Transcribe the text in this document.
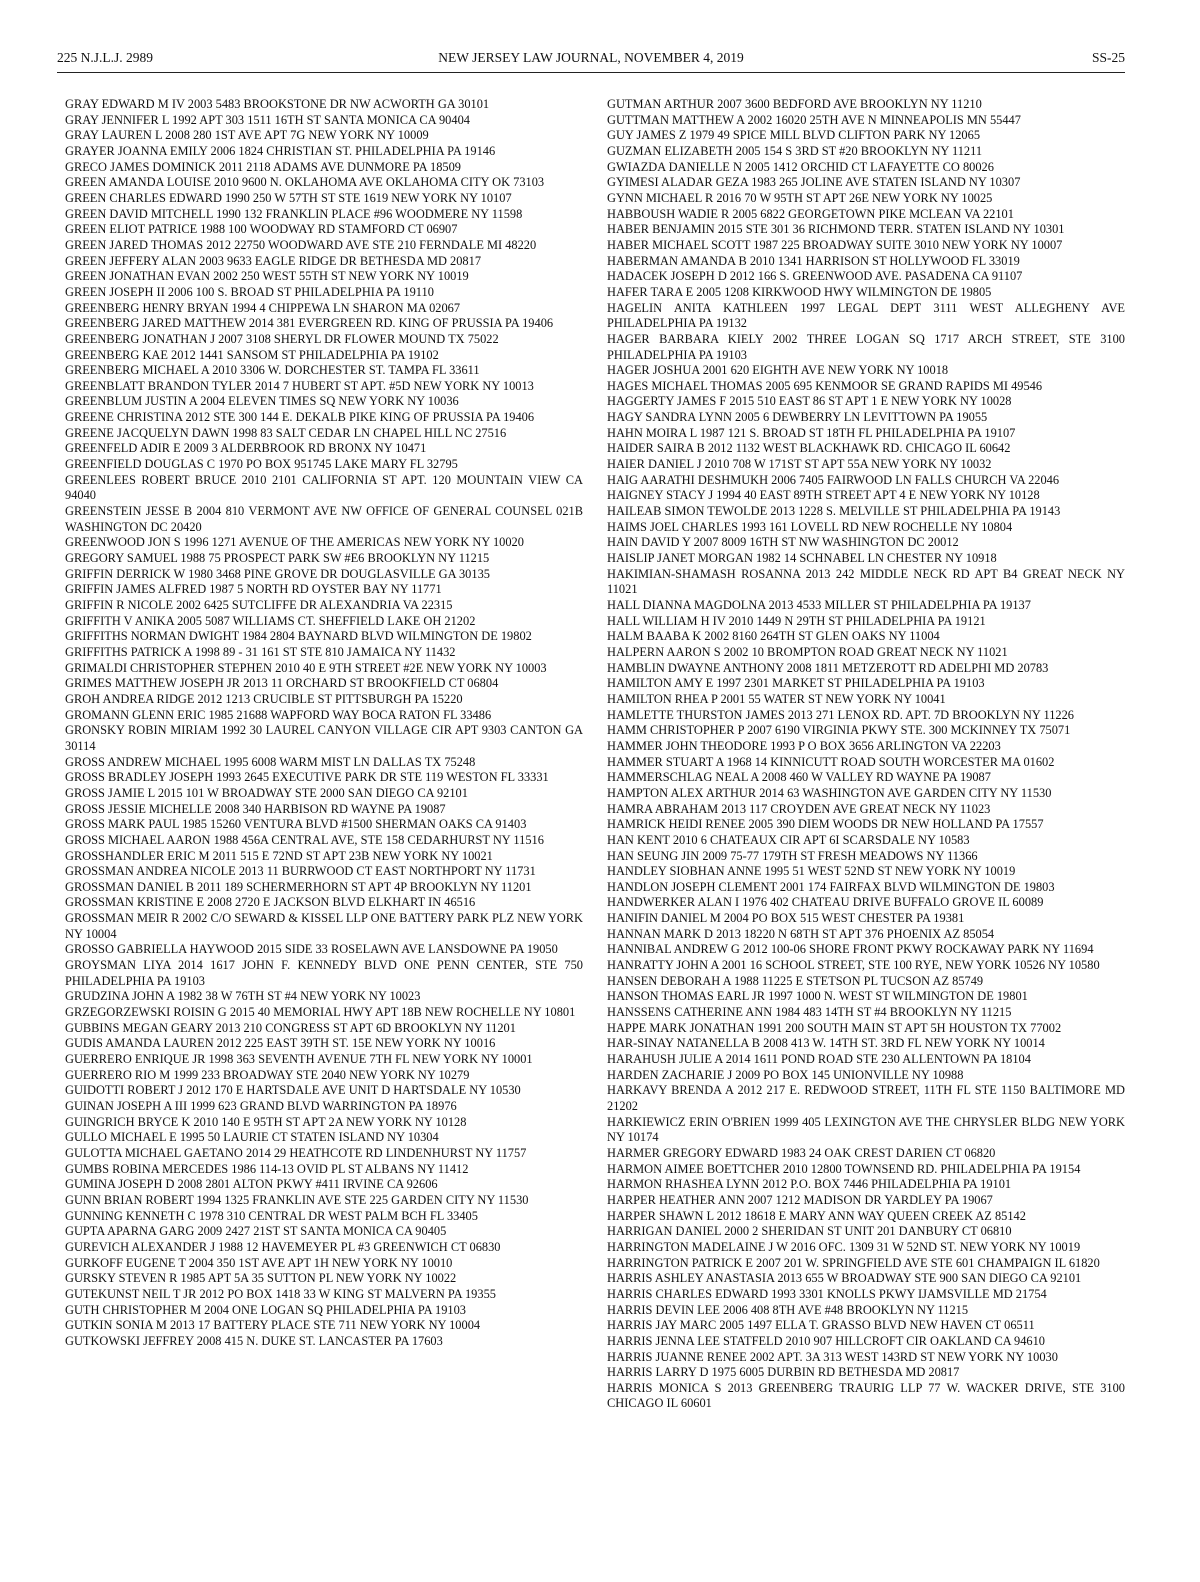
225 N.J.L.J. 2989	NEW JERSEY LAW JOURNAL, NOVEMBER 4, 2019	SS-25

GRAY EDWARD M IV 2003 5483 BROOKSTONE DR NW ACWORTH GA 30101

GRAY JENNIFER L 1992 APT 303 1511 16TH ST SANTA MONICA CA 90404

GRAY LAUREN L 2008 280 1ST AVE APT 7G NEW YORK NY 10009

GRAYER JOANNA EMILY 2006 1824 CHRISTIAN ST. PHILADELPHIA PA 19146

GRECO JAMES DOMINICK 2011 2118 ADAMS AVE DUNMORE PA 18509

GREEN AMANDA LOUISE 2010 9600 N. OKLAHOMA AVE OKLAHOMA CITY OK 73103

GREEN CHARLES EDWARD 1990 250 W 57TH ST STE 1619 NEW YORK NY 10107

GREEN DAVID MITCHELL 1990 132 FRANKLIN PLACE #96 WOODMERE NY 11598

GREEN ELIOT PATRICE 1988 100 WOODWAY RD STAMFORD CT 06907

GREEN JARED THOMAS 2012 22750 WOODWARD AVE STE 210 FERNDALE MI 48220

GREEN JEFFERY ALAN 2003 9633 EAGLE RIDGE DR BETHESDA MD 20817

GREEN JONATHAN EVAN 2002 250 WEST 55TH ST NEW YORK NY 10019

GREEN JOSEPH II 2006 100 S. BROAD ST PHILADELPHIA PA 19110

GREENBERG HENRY BRYAN 1994 4 CHIPPEWA LN SHARON MA 02067

GREENBERG JARED MATTHEW 2014 381 EVERGREEN RD. KING OF PRUSSIA PA 19406

GREENBERG JONATHAN J 2007 3108 SHERYL DR FLOWER MOUND TX 75022

GREENBERG KAE 2012 1441 SANSOM ST PHILADELPHIA PA 19102

GREENBERG MICHAEL A 2010 3306 W. DORCHESTER ST. TAMPA FL 33611

GREENBLATT BRANDON TYLER 2014 7 HUBERT ST APT. #5D NEW YORK NY 10013

GREENBLUM JUSTIN A 2004 ELEVEN TIMES SQ NEW YORK NY 10036

GREENE CHRISTINA 2012 STE 300 144 E. DEKALB PIKE KING OF PRUSSIA PA 19406

GREENE JACQUELYN DAWN 1998 83 SALT CEDAR LN CHAPEL HILL NC 27516

GREENFELD ADIR E 2009 3 ALDERBROOK RD BRONX NY 10471

GREENFIELD DOUGLAS C 1970 PO BOX 951745 LAKE MARY FL 32795

GREENLEES ROBERT BRUCE 2010 2101 CALIFORNIA ST APT. 120 MOUNTAIN VIEW CA 94040

GREENSTEIN JESSE B 2004 810 VERMONT AVE NW OFFICE OF GENERAL COUNSEL 021B WASHINGTON DC 20420

GREENWOOD JON S 1996 1271 AVENUE OF THE AMERICAS NEW YORK NY 10020

GREGORY SAMUEL 1988 75 PROSPECT PARK SW #E6 BROOKLYN NY 11215

GRIFFIN DERRICK W 1980 3468 PINE GROVE DR DOUGLASVILLE GA 30135

GRIFFIN JAMES ALFRED 1987 5 NORTH RD OYSTER BAY NY 11771

GRIFFIN R NICOLE 2002 6425 SUTCLIFFE DR ALEXANDRIA VA 22315

GRIFFITH V ANIKA 2005 5087 WILLIAMS CT. SHEFFIELD LAKE OH 21202

GRIFFITHS NORMAN DWIGHT 1984 2804 BAYNARD BLVD WILMINGTON DE 19802

GRIFFITHS PATRICK A 1998 89 - 31 161 ST STE 810 JAMAICA NY 11432

GRIMALDI CHRISTOPHER STEPHEN 2010 40 E 9TH STREET #2E NEW YORK NY 10003

GRIMES MATTHEW JOSEPH JR 2013 11 ORCHARD ST BROOKFIELD CT 06804

GROH ANDREA RIDGE 2012 1213 CRUCIBLE ST PITTSBURGH PA 15220

GROMANN GLENN ERIC 1985 21688 WAPFORD WAY BOCA RATON FL 33486

GRONSKY ROBIN MIRIAM 1992 30 LAUREL CANYON VILLAGE CIR APT 9303 CANTON GA 30114

GROSS ANDREW MICHAEL 1995 6008 WARM MIST LN DALLAS TX 75248

GROSS BRADLEY JOSEPH 1993 2645 EXECUTIVE PARK DR STE 119 WESTON FL 33331

GROSS JAMIE L 2015 101 W BROADWAY STE 2000 SAN DIEGO CA 92101

GROSS JESSIE MICHELLE 2008 340 HARBISON RD WAYNE PA 19087

GROSS MARK PAUL 1985 15260 VENTURA BLVD #1500 SHERMAN OAKS CA 91403

GROSS MICHAEL AARON 1988 456A CENTRAL AVE, STE 158 CEDARHURST NY 11516

GROSSHANDLER ERIC M 2011 515 E 72ND ST APT 23B NEW YORK NY 10021

GROSSMAN ANDREA NICOLE 2013 11 BURRWOOD CT EAST NORTHPORT NY 11731

GROSSMAN DANIEL B 2011 189 SCHERMERHORN ST APT 4P BROOKLYN NY 11201

GROSSMAN KRISTINE E 2008 2720 E JACKSON BLVD ELKHART IN 46516

GROSSMAN MEIR R 2002 C/O SEWARD & KISSEL LLP ONE BATTERY PARK PLZ NEW YORK NY 10004

GROSSO GABRIELLA HAYWOOD 2015 SIDE 33 ROSELAWN AVE LANSDOWNE PA 19050

GROYSMAN LIYA 2014 1617 JOHN F. KENNEDY BLVD ONE PENN CENTER, STE 750 PHILADELPHIA PA 19103

GRUDZINA JOHN A 1982 38 W 76TH ST #4 NEW YORK NY 10023

GRZEGORZEWSKI ROISIN G 2015 40 MEMORIAL HWY APT 18B NEW ROCHELLE NY 10801

GUBBINS MEGAN GEARY 2013 210 CONGRESS ST APT 6D BROOKLYN NY 11201

GUDIS AMANDA LAUREN 2012 225 EAST 39TH ST. 15E NEW YORK NY 10016

GUERRERO ENRIQUE JR 1998 363 SEVENTH AVENUE 7TH FL NEW YORK NY 10001

GUERRERO RIO M 1999 233 BROADWAY STE 2040 NEW YORK NY 10279

GUIDOTTI ROBERT J 2012 170 E HARTSDALE AVE UNIT D HARTSDALE NY 10530

GUINAN JOSEPH A III 1999 623 GRAND BLVD WARRINGTON PA 18976

GUINGRICH BRYCE K 2010 140 E 95TH ST APT 2A NEW YORK NY 10128

GULLO MICHAEL E 1995 50 LAURIE CT STATEN ISLAND NY 10304

GULOTTA MICHAEL GAETANO 2014 29 HEATHCOTE RD LINDENHURST NY 11757

GUMBS ROBINA MERCEDES 1986 114-13 OVID PL ST ALBANS NY 11412

GUMINA JOSEPH D 2008 2801 ALTON PKWY #411 IRVINE CA 92606

GUNN BRIAN ROBERT 1994 1325 FRANKLIN AVE STE 225 GARDEN CITY NY 11530

GUNNING KENNETH C 1978 310 CENTRAL DR WEST PALM BCH FL 33405

GUPTA APARNA GARG 2009 2427 21ST ST SANTA MONICA CA 90405

GUREVICH ALEXANDER J 1988 12 HAVEMEYER PL #3 GREENWICH CT 06830

GURKOFF EUGENE T 2004 350 1ST AVE APT 1H NEW YORK NY 10010

GURSKY STEVEN R 1985 APT 5A 35 SUTTON PL NEW YORK NY 10022

GUTEKUNST NEIL T JR 2012 PO BOX 1418 33 W KING ST MALVERN PA 19355

GUTH CHRISTOPHER M 2004 ONE LOGAN SQ PHILADELPHIA PA 19103

GUTKIN SONIA M 2013 17 BATTERY PLACE STE 711 NEW YORK NY 10004

GUTKOWSKI JEFFREY 2008 415 N. DUKE ST. LANCASTER PA 17603

GUTMAN ARTHUR 2007 3600 BEDFORD AVE BROOKLYN NY 11210

GUTTMAN MATTHEW A 2002 16020 25TH AVE N MINNEAPOLIS MN 55447

GUY JAMES Z 1979 49 SPICE MILL BLVD CLIFTON PARK NY 12065

GUZMAN ELIZABETH 2005 154 S 3RD ST #20 BROOKLYN NY 11211

GWIAZDA DANIELLE N 2005 1412 ORCHID CT LAFAYETTE CO 80026

GYIMESI ALADAR GEZA 1983 265 JOLINE AVE STATEN ISLAND NY 10307

GYNN MICHAEL R 2016 70 W 95TH ST APT 26E NEW YORK NY 10025

HABBOUSH WADIE R 2005 6822 GEORGETOWN PIKE MCLEAN VA 22101

HABER BENJAMIN 2015 STE 301 36 RICHMOND TERR. STATEN ISLAND NY 10301

HABER MICHAEL SCOTT 1987 225 BROADWAY SUITE 3010 NEW YORK NY 10007

HABERMAN AMANDA B 2010 1341 HARRISON ST HOLLYWOOD FL 33019

HADACEK JOSEPH D 2012 166 S. GREENWOOD AVE. PASADENA CA 91107

HAFER TARA E 2005 1208 KIRKWOOD HWY WILMINGTON DE 19805

HAGELIN ANITA KATHLEEN 1997 LEGAL DEPT 3111 WEST ALLEGHENY AVE PHILADELPHIA PA 19132

HAGER BARBARA KIELY 2002 THREE LOGAN SQ 1717 ARCH STREET, STE 3100 PHILADELPHIA PA 19103

HAGER JOSHUA 2001 620 EIGHTH AVE NEW YORK NY 10018

HAGES MICHAEL THOMAS 2005 695 KENMOOR SE GRAND RAPIDS MI 49546

HAGGERTY JAMES F 2015 510 EAST 86 ST APT 1 E NEW YORK NY 10028

HAGY SANDRA LYNN 2005 6 DEWBERRY LN LEVITTOWN PA 19055

HAHN MOIRA L 1987 121 S. BROAD ST 18TH FL PHILADELPHIA PA 19107

HAIDER SAIRA B 2012 1132 WEST BLACKHAWK RD. CHICAGO IL 60642

HAIER DANIEL J 2010 708 W 171ST ST APT 55A NEW YORK NY 10032

HAIG AARATHI DESHMUKH 2006 7405 FAIRWOOD LN FALLS CHURCH VA 22046

HAIGNEY STACY J 1994 40 EAST 89TH STREET APT 4 E NEW YORK NY 10128

HAILEAB SIMON TEWOLDE 2013 1228 S. MELVILLE ST PHILADELPHIA PA 19143

HAIMS JOEL CHARLES 1993 161 LOVELL RD NEW ROCHELLE NY 10804

HAIN DAVID Y 2007 8009 16TH ST NW WASHINGTON DC 20012

HAISLIP JANET MORGAN 1982 14 SCHNABEL LN CHESTER NY 10918

HAKIMIAN-SHAMASH ROSANNA 2013 242 MIDDLE NECK RD APT B4 GREAT NECK NY 11021

HALL DIANNA MAGDOLNA 2013 4533 MILLER ST PHILADELPHIA PA 19137

HALL WILLIAM H IV 2010 1449 N 29TH ST PHILADELPHIA PA 19121

HALM BAABA K 2002 8160 264TH ST GLEN OAKS NY 11004

HALPERN AARON S 2002 10 BROMPTON ROAD GREAT NECK NY 11021

HAMBLIN DWAYNE ANTHONY 2008 1811 METZEROTT RD ADELPHI MD 20783

HAMILTON AMY E 1997 2301 MARKET ST PHILADELPHIA PA 19103

HAMILTON RHEA P 2001 55 WATER ST NEW YORK NY 10041

HAMLETTE THURSTON JAMES 2013 271 LENOX RD. APT. 7D BROOKLYN NY 11226

HAMM CHRISTOPHER P 2007 6190 VIRGINIA PKWY STE. 300 MCKINNEY TX 75071

HAMMER JOHN THEODORE 1993 P O BOX 3656 ARLINGTON VA 22203

HAMMER STUART A 1968 14 KINNICUTT ROAD SOUTH WORCESTER MA 01602

HAMMERSCHLAG NEAL A 2008 460 W VALLEY RD WAYNE PA 19087

HAMPTON ALEX ARTHUR 2014 63 WASHINGTON AVE GARDEN CITY NY 11530

HAMRA ABRAHAM 2013 117 CROYDEN AVE GREAT NECK NY 11023

HAMRICK HEIDI RENEE 2005 390 DIEM WOODS DR NEW HOLLAND PA 17557

HAN KENT 2010 6 CHATEAUX CIR APT 6I SCARSDALE NY 10583

HAN SEUNG JIN 2009 75-77 179TH ST FRESH MEADOWS NY 11366

HANDLEY SIOBHAN ANNE 1995 51 WEST 52ND ST NEW YORK NY 10019

HANDLON JOSEPH CLEMENT 2001 174 FAIRFAX BLVD WILMINGTON DE 19803

HANDWERKER ALAN I 1976 402 CHATEAU DRIVE BUFFALO GROVE IL 60089

HANIFIN DANIEL M 2004 PO BOX 515 WEST CHESTER PA 19381

HANNAN MARK D 2013 18220 N 68TH ST APT 376 PHOENIX AZ 85054

HANNIBAL ANDREW G 2012 100-06 SHORE FRONT PKWY ROCKAWAY PARK NY 11694

HANRATTY JOHN A 2001 16 SCHOOL STREET, STE 100 RYE, NEW YORK 10526 NY 10580

HANSEN DEBORAH A 1988 11225 E STETSON PL TUCSON AZ 85749

HANSON THOMAS EARL JR 1997 1000 N. WEST ST WILMINGTON DE 19801

HANSSENS CATHERINE ANN 1984 483 14TH ST #4 BROOKLYN NY 11215

HAPPE MARK JONATHAN 1991 200 SOUTH MAIN ST APT 5H HOUSTON TX 77002

HAR-SINAY NATANELLA B 2008 413 W. 14TH ST. 3RD FL NEW YORK NY 10014

HARAHUSH JULIE A 2014 1611 POND ROAD STE 230 ALLENTOWN PA 18104

HARDEN ZACHARIE J 2009 PO BOX 145 UNIONVILLE NY 10988

HARKAVY BRENDA A 2012 217 E. REDWOOD STREET, 11TH FL STE 1150 BALTIMORE MD 21202

HARKIEWICZ ERIN O'BRIEN 1999 405 LEXINGTON AVE THE CHRYSLER BLDG NEW YORK NY 10174

HARMER GREGORY EDWARD 1983 24 OAK CREST DARIEN CT 06820

HARMON AIMEE BOETTCHER 2010 12800 TOWNSEND RD. PHILADELPHIA PA 19154

HARMON RHASHEA LYNN 2012 P.O. BOX 7446 PHILADELPHIA PA 19101

HARPER HEATHER ANN 2007 1212 MADISON DR YARDLEY PA 19067

HARPER SHAWN L 2012 18618 E MARY ANN WAY QUEEN CREEK AZ 85142

HARRIGAN DANIEL 2000 2 SHERIDAN ST UNIT 201 DANBURY CT 06810

HARRINGTON MADELAINE J W 2016 OFC. 1309 31 W 52ND ST. NEW YORK NY 10019

HARRINGTON PATRICK E 2007 201 W. SPRINGFIELD AVE STE 601 CHAMPAIGN IL 61820

HARRIS ASHLEY ANASTASIA 2013 655 W BROADWAY STE 900 SAN DIEGO CA 92101

HARRIS CHARLES EDWARD 1993 3301 KNOLLS PKWY IJAMSVILLE MD 21754

HARRIS DEVIN LEE 2006 408 8TH AVE #48 BROOKLYN NY 11215

HARRIS JAY MARC 2005 1497 ELLA T. GRASSO BLVD NEW HAVEN CT 06511

HARRIS JENNA LEE STATFELD 2010 907 HILLCROFT CIR OAKLAND CA 94610

HARRIS JUANNE RENEE 2002 APT. 3A 313 WEST 143RD ST NEW YORK NY 10030

HARRIS LARRY D 1975 6005 DURBIN RD BETHESDA MD 20817

HARRIS MONICA S 2013 GREENBERG TRAURIG LLP 77 W. WACKER DRIVE, STE 3100 CHICAGO IL 60601
